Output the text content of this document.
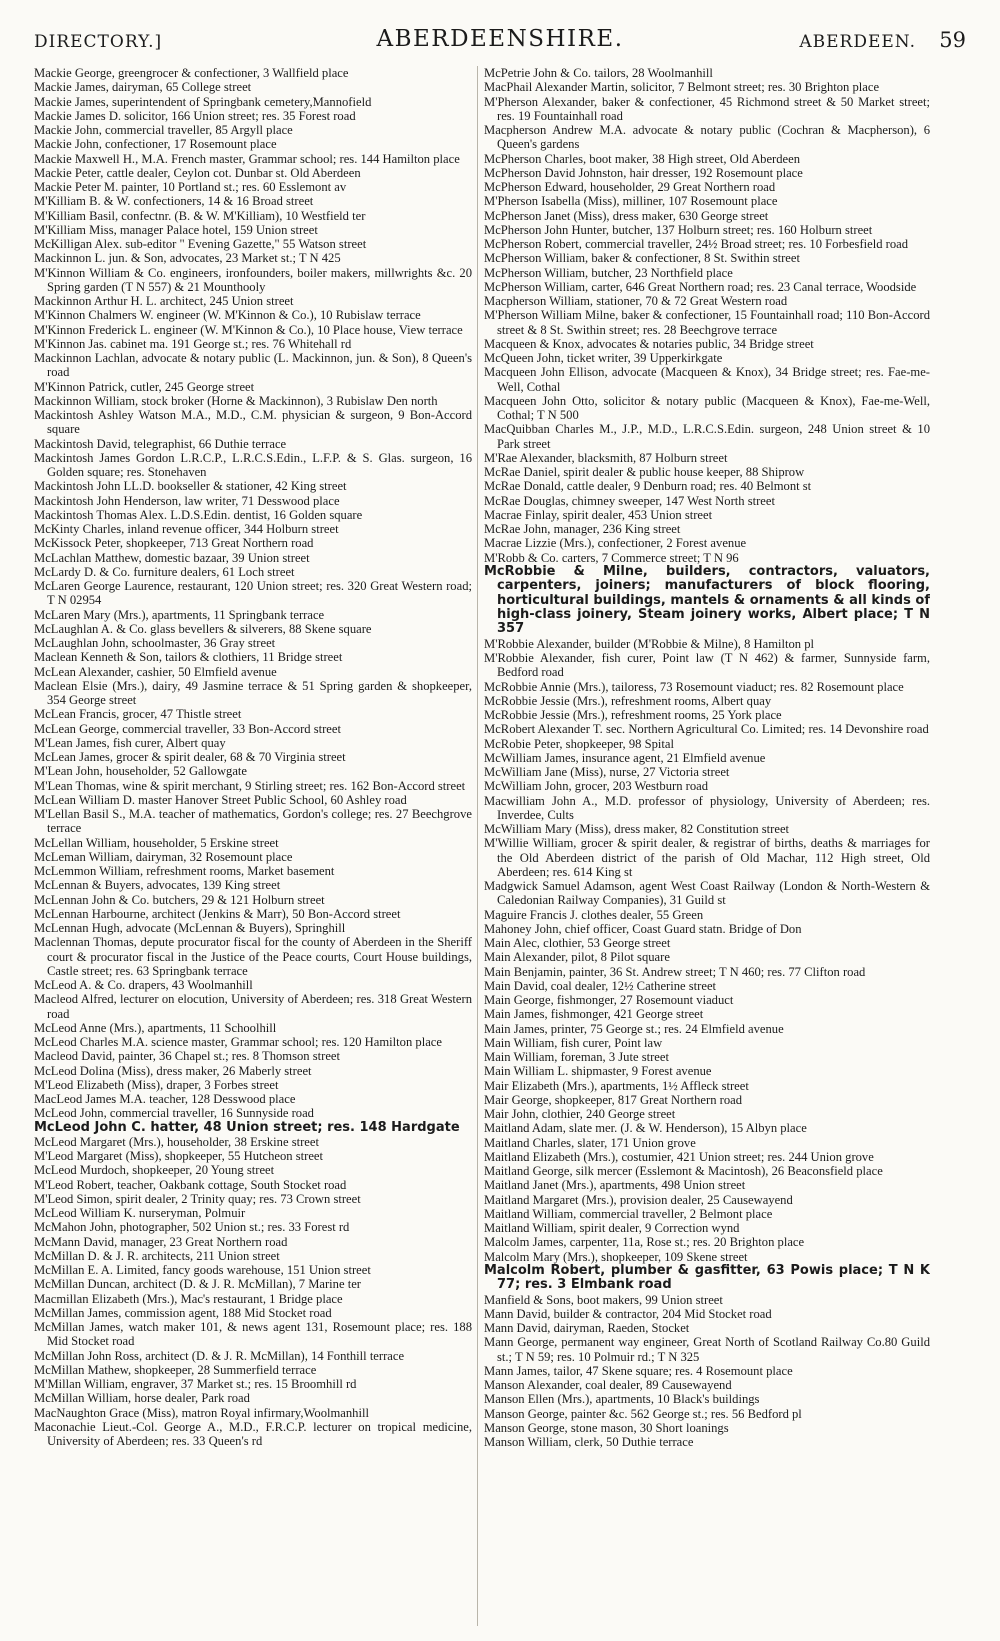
DIRECTORY.]	ABERDEENSHIRE.	ABERDEEN. 59
Mackie George, greengrocer & confectioner, 3 Wallfield place
Mackie James, dairyman, 65 College street
Mackie James, superintendent of Springbank cemetery,Mannofield
Mackie James D. solicitor, 166 Union street; res. 35 Forest road
Mackie John, commercial traveller, 85 Argyll place
Mackie John, confectioner, 17 Rosemount place
Mackie Maxwell H., M.A. French master, Grammar school; res. 144 Hamilton place
Mackie Peter, cattle dealer, Ceylon cot. Dunbar st. Old Aberdeen
Mackie Peter M. painter, 10 Portland st.; res. 60 Esslemont av
M'Killiam B. & W. confectioners, 14 & 16 Broad street
M'Killiam Basil, confectnr. (B. & W. M'Killiam), 10 Westfield ter
M'Killiam Miss, manager Palace hotel, 159 Union street
McKilligan Alex. sub-editor " Evening Gazette," 55 Watson street
Mackinnon L. jun. & Son, advocates, 23 Market st.; T N 425
M'Kinnon William & Co. engineers, ironfounders, boiler makers, millwrights &c. 20 Spring garden (T N 557) & 21 Mounthooly
Mackinnon Arthur H. L. architect, 245 Union street
M'Kinnon Chalmers W. engineer (W. M'Kinnon & Co.), 10 Rubislaw terrace
M'Kinnon Frederick L. engineer (W. M'Kinnon & Co.), 10 Place house, View terrace
M'Kinnon Jas. cabinet ma. 191 George st.; res. 76 Whitehall rd
Mackinnon Lachlan, advocate & notary public (L. Mackinnon, jun. & Son), 8 Queen's road
M'Kinnon Patrick, cutler, 245 George street
Mackinnon William, stock broker (Horne & Mackinnon), 3 Rubislaw Den north
Mackintosh Ashley Watson M.A., M.D., C.M. physician & surgeon, 9 Bon-Accord square
Mackintosh David, telegraphist, 66 Duthie terrace
Mackintosh James Gordon L.R.C.P., L.R.C.S.Edin., L.F.P. & S. Glas. surgeon, 16 Golden square; res. Stonehaven
Mackintosh John LL.D. bookseller & stationer, 42 King street
Mackintosh John Henderson, law writer, 71 Desswood place
Mackintosh Thomas Alex. L.D.S.Edin. dentist, 16 Golden square
McKinty Charles, inland revenue officer, 344 Holburn street
McKissock Peter, shopkeeper, 713 Great Northern road
McLachlan Matthew, domestic bazaar, 39 Union street
McLardy D. & Co. furniture dealers, 61 Loch street
McLaren George Laurence, restaurant, 120 Union street; res. 320 Great Western road; T N 02954
McLaren Mary (Mrs.), apartments, 11 Springbank terrace
McLaughlan A. & Co. glass bevellers & silverers, 88 Skene square
McLaughlan John, schoolmaster, 36 Gray street
Maclean Kenneth & Son, tailors & clothiers, 11 Bridge street
McLean Alexander, cashier, 50 Elmfield avenue
Maclean Elsie (Mrs.), dairy, 49 Jasmine terrace & 51 Spring garden & shopkeeper, 354 George street
McLean Francis, grocer, 47 Thistle street
McLean George, commercial traveller, 33 Bon-Accord street
M'Lean James, fish curer, Albert quay
McLean James, grocer & spirit dealer, 68 & 70 Virginia street
M'Lean John, householder, 52 Gallowgate
M'Lean Thomas, wine & spirit merchant, 9 Stirling street; res. 162 Bon-Accord street
McLean William D. master Hanover Street Public School, 60 Ashley road
M'Lellan Basil S., M.A. teacher of mathematics, Gordon's college; res. 27 Beechgrove terrace
McLellan William, householder, 5 Erskine street
McLeman William, dairyman, 32 Rosemount place
McLemmon William, refreshment rooms, Market basement
McLennan & Buyers, advocates, 139 King street
McLennan John & Co. butchers, 29 & 121 Holburn street
McLennan Harbourne, architect (Jenkins & Marr), 50 Bon-Accord street
McLennan Hugh, advocate (McLennan & Buyers), Springhill
Maclennan Thomas, depute procurator fiscal for the county of Aberdeen in the Sheriff court & procurator fiscal in the Justice of the Peace courts, Court House buildings, Castle street; res. 63 Springbank terrace
McLeod A. & Co. drapers, 43 Woolmanhill
Macleod Alfred, lecturer on elocution, University of Aberdeen; res. 318 Great Western road
McLeod Anne (Mrs.), apartments, 11 Schoolhill
McLeod Charles M.A. science master, Grammar school; res. 120 Hamilton place
Macleod David, painter, 36 Chapel st.; res. 8 Thomson street
McLeod Dolina (Miss), dress maker, 26 Maberly street
M'Leod Elizabeth (Miss), draper, 3 Forbes street
MacLeod James M.A. teacher, 128 Desswood place
McLeod John, commercial traveller, 16 Sunnyside road
McLeod John C. hatter, 48 Union street; res. 148 Hardgate
McLeod Margaret (Mrs.), householder, 38 Erskine street
M'Leod Margaret (Miss), shopkeeper, 55 Hutcheon street
McLeod Murdoch, shopkeeper, 20 Young street
M'Leod Robert, teacher, Oakbank cottage, South Stocket road
M'Leod Simon, spirit dealer, 2 Trinity quay; res. 73 Crown street
McLeod William K. nurseryman, Polmuir
McMahon John, photographer, 502 Union st.; res. 33 Forest rd
McMann David, manager, 23 Great Northern road
McMillan D. & J. R. architects, 211 Union street
McMillan E. A. Limited, fancy goods warehouse, 151 Union street
McMillan Duncan, architect (D. & J. R. McMillan), 7 Marine ter
Macmillan Elizabeth (Mrs.), Mac's restaurant, 1 Bridge place
McMillan James, commission agent, 188 Mid Stocket road
McMillan James, watch maker 101, & news agent 131, Rosemount place; res. 188 Mid Stocket road
McMillan John Ross, architect (D. & J. R. McMillan), 14 Fonthill terrace
McMillan Mathew, shopkeeper, 28 Summerfield terrace
M'Millan William, engraver, 37 Market st.; res. 15 Broomhill rd
McMillan William, horse dealer, Park road
MacNaughton Grace (Miss), matron Royal infirmary,Woolmanhill
Maconachie Lieut.-Col. George A., M.D., F.R.C.P. lecturer on tropical medicine, University of Aberdeen; res. 33 Queen's rd
McPetrie John & Co. tailors, 28 Woolmanhill
MacPhail Alexander Martin, solicitor, 7 Belmont street; res. 30 Brighton place
M'Pherson Alexander, baker & confectioner, 45 Richmond street & 50 Market street; res. 19 Fountainhall road
Macpherson Andrew M.A. advocate & notary public (Cochran & Macpherson), 6 Queen's gardens
McPherson Charles, boot maker, 38 High street, Old Aberdeen
McPherson David Johnston, hair dresser, 192 Rosemount place
McPherson Edward, householder, 29 Great Northern road
M'Pherson Isabella (Miss), milliner, 107 Rosemount place
McPherson Janet (Miss), dress maker, 630 George street
McPherson John Hunter, butcher, 137 Holburn street; res. 160 Holburn street
McPherson Robert, commercial traveller, 24½ Broad street; res. 10 Forbesfield road
McPherson William, baker & confectioner, 8 St. Swithin street
McPherson William, butcher, 23 Northfield place
McPherson William, carter, 646 Great Northern road; res. 23 Canal terrace, Woodside
Macpherson William, stationer, 70 & 72 Great Western road
M'Pherson William Milne, baker & confectioner, 15 Fountainhall road; 110 Bon-Accord street & 8 St. Swithin street; res. 28 Beechgrove terrace
Macqueen & Knox, advocates & notaries public, 34 Bridge street
McQueen John, ticket writer, 39 Upperkirkgate
Macqueen John Ellison, advocate (Macqueen & Knox), 34 Bridge street; res. Fae-me-Well, Cothal
Macqueen John Otto, solicitor & notary public (Macqueen & Knox), Fae-me-Well, Cothal; T N 500
MacQuibban Charles M., J.P., M.D., L.R.C.S.Edin. surgeon, 248 Union street & 10 Park street
M'Rae Alexander, blacksmith, 87 Holburn street
McRae Daniel, spirit dealer & public house keeper, 88 Shiprow
McRae Donald, cattle dealer, 9 Denburn road; res. 40 Belmont st
McRae Douglas, chimney sweeper, 147 West North street
Macrae Finlay, spirit dealer, 453 Union street
McRae John, manager, 236 King street
Macrae Lizzie (Mrs.), confectioner, 2 Forest avenue
M'Robb & Co. carters, 7 Commerce street; T N 96
McRobbie & Milne, builders, contractors, valuators, carpenters, joiners; manufacturers of block flooring, horticultural buildings, mantels & ornaments & all kinds of high-class joinery, Steam joinery works, Albert place; T N 357
M'Robbie Alexander, builder (M'Robbie & Milne), 8 Hamilton pl
M'Robbie Alexander, fish curer, Point law (T N 462) & farmer, Sunnyside farm, Bedford road
McRobbie Annie (Mrs.), tailoress, 73 Rosemount viaduct; res. 82 Rosemount place
McRobbie Jessie (Mrs.), refreshment rooms, Albert quay
McRobbie Jessie (Mrs.), refreshment rooms, 25 York place
McRobert Alexander T. sec. Northern Agricultural Co. Limited; res. 14 Devonshire road
McRobie Peter, shopkeeper, 98 Spital
McWilliam James, insurance agent, 21 Elmfield avenue
McWilliam Jane (Miss), nurse, 27 Victoria street
McWilliam John, grocer, 203 Westburn road
Macwilliam John A., M.D. professor of physiology, University of Aberdeen; res. Inverdee, Cults
McWilliam Mary (Miss), dress maker, 82 Constitution street
M'Willie William, grocer & spirit dealer, & registrar of births, deaths & marriages for the Old Aberdeen district of the parish of Old Machar, 112 High street, Old Aberdeen; res. 614 King st
Madgwick Samuel Adamson, agent West Coast Railway (London & North-Western & Caledonian Railway Companies), 31 Guild st
Maguire Francis J. clothes dealer, 55 Green
Mahoney John, chief officer, Coast Guard statn. Bridge of Don
Main Alec, clothier, 53 George street
Main Alexander, pilot, 8 Pilot square
Main Benjamin, painter, 36 St. Andrew street; T N 460; res. 77 Clifton road
Main David, coal dealer, 12½ Catherine street
Main George, fishmonger, 27 Rosemount viaduct
Main James, fishmonger, 421 George street
Main James, printer, 75 George st.; res. 24 Elmfield avenue
Main William, fish curer, Point law
Main William, foreman, 3 Jute street
Main William L. shipmaster, 9 Forest avenue
Mair Elizabeth (Mrs.), apartments, 1½ Affleck street
Mair George, shopkeeper, 817 Great Northern road
Mair John, clothier, 240 George street
Maitland Adam, slate mer. (J. & W. Henderson), 15 Albyn place
Maitland Charles, slater, 171 Union grove
Maitland Elizabeth (Mrs.), costumier, 421 Union street; res. 244 Union grove
Maitland George, silk mercer (Esslemont & Macintosh), 26 Beaconsfield place
Maitland Janet (Mrs.), apartments, 498 Union street
Maitland Margaret (Mrs.), provision dealer, 25 Causewayend
Maitland William, commercial traveller, 2 Belmont place
Maitland William, spirit dealer, 9 Correction wynd
Malcolm James, carpenter, 11a, Rose st.; res. 20 Brighton place
Malcolm Mary (Mrs.), shopkeeper, 109 Skene street
Malcolm Robert, plumber & gasfitter, 63 Powis place; T N K 77; res. 3 Elmbank road
Manfield & Sons, boot makers, 99 Union street
Mann David, builder & contractor, 204 Mid Stocket road
Mann David, dairyman, Raeden, Stocket
Mann George, permanent way engineer, Great North of Scotland Railway Co.80 Guild st.; T N 59; res. 10 Polmuir rd.; T N 325
Mann James, tailor, 47 Skene square; res. 4 Rosemount place
Manson Alexander, coal dealer, 89 Causewayend
Manson Ellen (Mrs.), apartments, 10 Black's buildings
Manson George, painter &c. 562 George st.; res. 56 Bedford pl
Manson George, stone mason, 30 Short loanings
Manson William, clerk, 50 Duthie terrace
